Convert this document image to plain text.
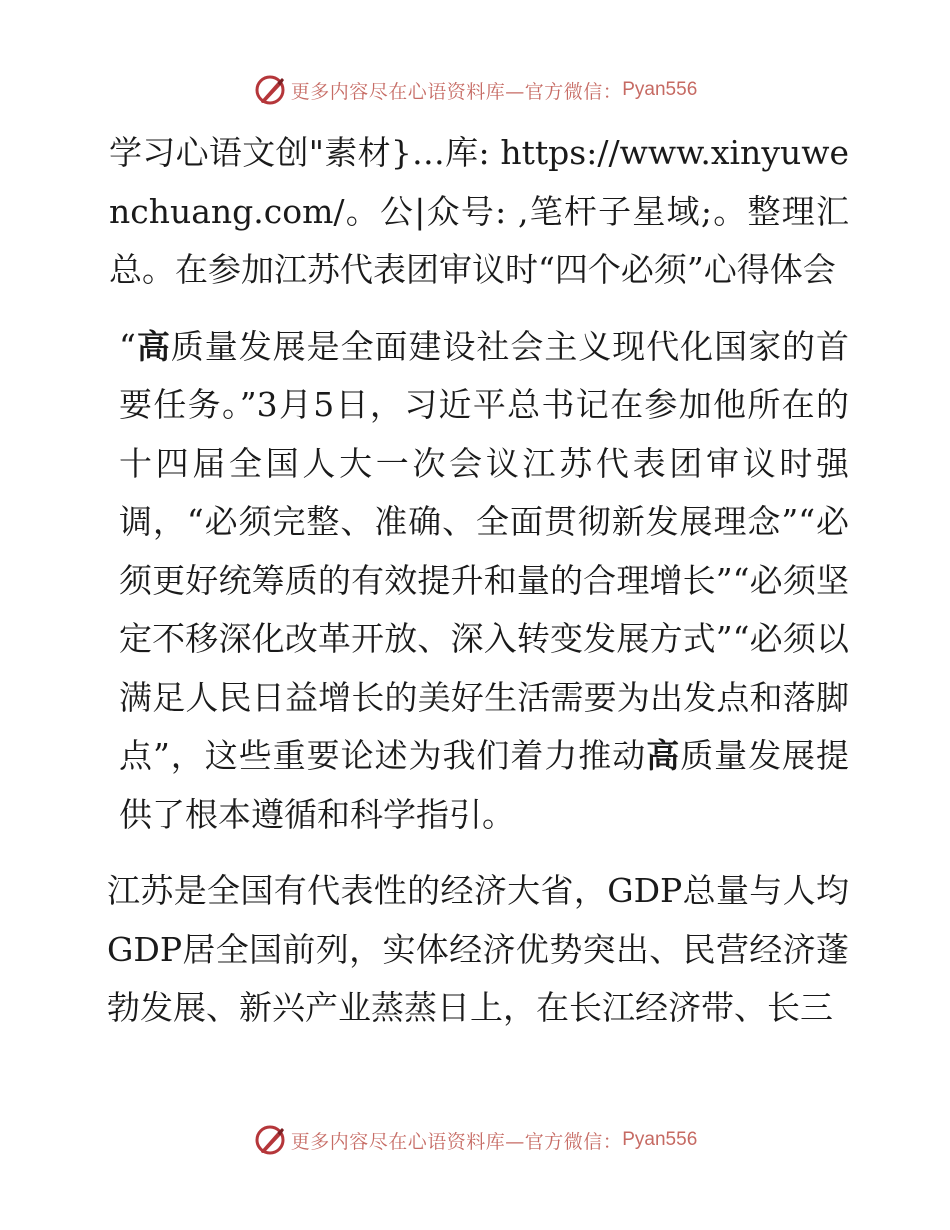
更多内容尽在心语资料库—官方微信： Pyan556

学习心语文创"素材}…库: https://www.xinyuwenchuang.com/。公|众号: ,笔杆子星域;。整理汇总。在参加江苏代表团审议时“四个必须”心得体会

“高质量发展是全面建设社会主义现代化国家的首要任务。”3月5日，习近平总书记在参加他所在的十四届全国人大一次会议江苏代表团审议时强调，“必须完整、准确、全面贯彻新发展理念”“必须更好统筹质的有效提升和量的合理增长”“必须坚定不移深化改革开放、深入转变发展方式”“必须以满足人民日益增长的美好生活需要为出发点和落脚点”，这些重要论述为我们着力推动高质量发展提供了根本遵循和科学指引。

江苏是全国有代表性的经济大省，GDP总量与人均GDP居全国前列，实体经济优势突出、民营经济蓬勃发展、新兴产业蒸蒸日上，在长江经济带、长三

更多内容尽在心语资料库—官方微信： Pyan556
